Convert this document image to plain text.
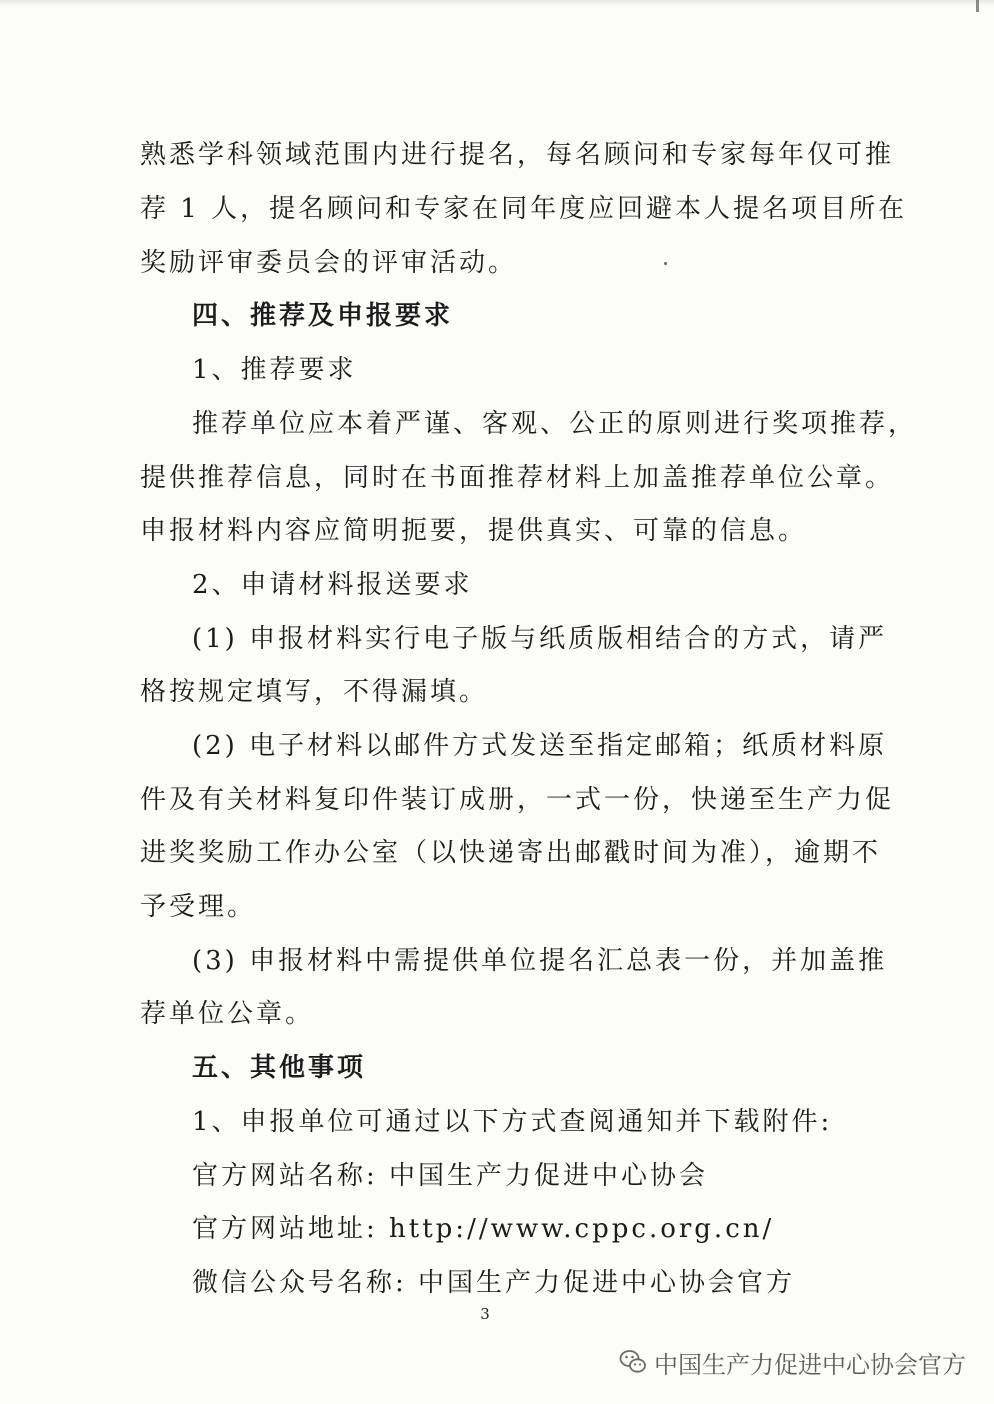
熟悉学科领域范围内进行提名，每名顾问和专家每年仅可推

荐 1 人，提名顾问和专家在同年度应回避本人提名项目所在

奖励评审委员会的评审活动。

四、推荐及申报要求

1、推荐要求

推荐单位应本着严谨、客观、公正的原则进行奖项推荐，

提供推荐信息，同时在书面推荐材料上加盖推荐单位公章。

申报材料内容应简明扼要，提供真实、可靠的信息。

2、申请材料报送要求

(1) 申报材料实行电子版与纸质版相结合的方式，请严

格按规定填写，不得漏填。

(2) 电子材料以邮件方式发送至指定邮箱；纸质材料原

件及有关材料复印件装订成册，一式一份，快递至生产力促

进奖奖励工作办公室（以快递寄出邮戳时间为准），逾期不

予受理。

(3) 申报材料中需提供单位提名汇总表一份，并加盖推

荐单位公章。

五、其他事项

1、申报单位可通过以下方式查阅通知并下载附件:

官方网站名称: 中国生产力促进中心协会

官方网站地址: http://www.cppc.org.cn/

微信公众号名称: 中国生产力促进中心协会官方

3

中国生产力促进中心协会官方
